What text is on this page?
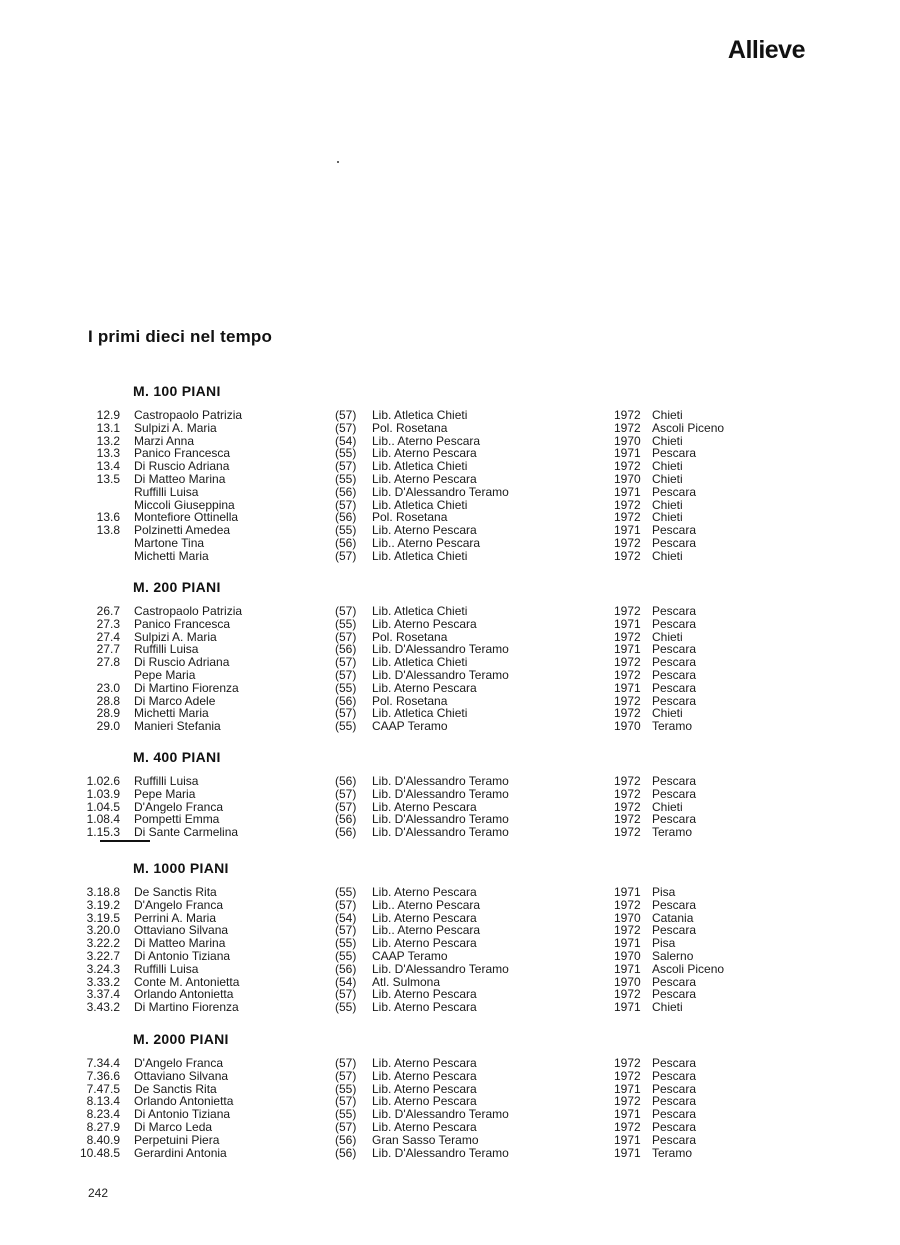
Allieve
I primi dieci nel tempo
M. 100 PIANI
12.9 Castropaolo Patrizia	(57) Lib. Atletica Chieti	1972 Chieti
13.1 Sulpizi A. Maria	(57) Pol. Rosetana	1972 Ascoli Piceno
13.2 Marzi Anna	(54) Lib.. Aterno Pescara	1970 Chieti
13.3 Panico Francesca	(55) Lib. Aterno Pescara	1971 Pescara
13.4 Di Ruscio Adriana	(57) Lib. Atletica Chieti	1972 Chieti
13.5 Di Matteo Marina	(55) Lib. Aterno Pescara	1970 Chieti
Ruffilli Luisa	(56) Lib. D'Alessandro Teramo	1971 Pescara
Miccoli Giuseppina	(57) Lib. Atletica Chieti	1972 Chieti
13.6 Montefiore Ottinella	(56) Pol. Rosetana	1972 Chieti
13.8 Polzinetti Amedea	(55) Lib. Aterno Pescara	1971 Pescara
Martone Tina	(56) Lib.. Aterno Pescara	1972 Pescara
Michetti Maria	(57) Lib. Atletica Chieti	1972 Chieti
M. 200 PIANI
26.7 Castropaolo Patrizia	(57) Lib. Atletica Chieti	1972 Pescara
27.3 Panico Francesca	(55) Lib. Aterno Pescara	1971 Pescara
27.4 Sulpizi A. Maria	(57) Pol. Rosetana	1972 Chieti
27.7 Ruffilli Luisa	(56) Lib. D'Alessandro Teramo	1971 Pescara
27.8 Di Ruscio Adriana	(57) Lib. Atletica Chieti	1972 Pescara
Pepe Maria	(57) Lib. D'Alessandro Teramo	1972 Pescara
23.0 Di Martino Fiorenza	(55) Lib. Aterno Pescara	1971 Pescara
28.8 Di Marco Adele	(56) Pol. Rosetana	1972 Pescara
28.9 Michetti Maria	(57) Lib. Atletica Chieti	1972 Chieti
29.0 Manieri Stefania	(55) CAAP Teramo	1970 Teramo
M. 400 PIANI
1.02.6 Ruffilli Luisa	(56) Lib. D'Alessandro Teramo	1972 Pescara
1.03.9 Pepe Maria	(57) Lib. D'Alessandro Teramo	1972 Pescara
1.04.5 D'Angelo Franca	(57) Lib. Aterno Pescara	1972 Chieti
1.08.4 Pompetti Emma	(56) Lib. D'Alessandro Teramo	1972 Pescara
1.15.3 Di Sante Carmelina	(56) Lib. D'Alessandro Teramo	1972 Teramo
M. 1000 PIANI
3.18.8 De Sanctis Rita	(55) Lib. Aterno Pescara	1971 Pisa
3.19.2 D'Angelo Franca	(57) Lib.. Aterno Pescara	1972 Pescara
3.19.5 Perrini A. Maria	(54) Lib. Aterno Pescara	1970 Catania
3.20.0 Ottaviano Silvana	(57) Lib.. Aterno Pescara	1972 Pescara
3.22.2 Di Matteo Marina	(55) Lib. Aterno Pescara	1971 Pisa
3.22.7 Di Antonio Tiziana	(55) CAAP Teramo	1970 Salerno
3.24.3 Ruffilli Luisa	(56) Lib. D'Alessandro Teramo	1971 Ascoli Piceno
3.33.2 Conte M. Antonietta	(54) Atl. Sulmona	1970 Pescara
3.37.4 Orlando Antonietta	(57) Lib. Aterno Pescara	1972 Pescara
3.43.2 Di Martino Fiorenza	(55) Lib. Aterno Pescara	1971 Chieti
M. 2000 PIANI
7.34.4 D'Angelo Franca	(57) Lib. Aterno Pescara	1972 Pescara
7.36.6 Ottaviano Silvana	(57) Lib. Aterno Pescara	1972 Pescara
7.47.5 De Sanctis Rita	(55) Lib. Aterno Pescara	1971 Pescara
8.13.4 Orlando Antonietta	(57) Lib. Aterno Pescara	1972 Pescara
8.23.4 Di Antonio Tiziana	(55) Lib. D'Alessandro Teramo	1971 Pescara
8.27.9 Di Marco Leda	(57) Lib. Aterno Pescara	1972 Pescara
8.40.9 Perpetuini Piera	(56) Gran Sasso Teramo	1971 Pescara
10.48.5 Gerardini Antonia	(56) Lib. D'Alessandro Teramo	1971 Teramo
242
